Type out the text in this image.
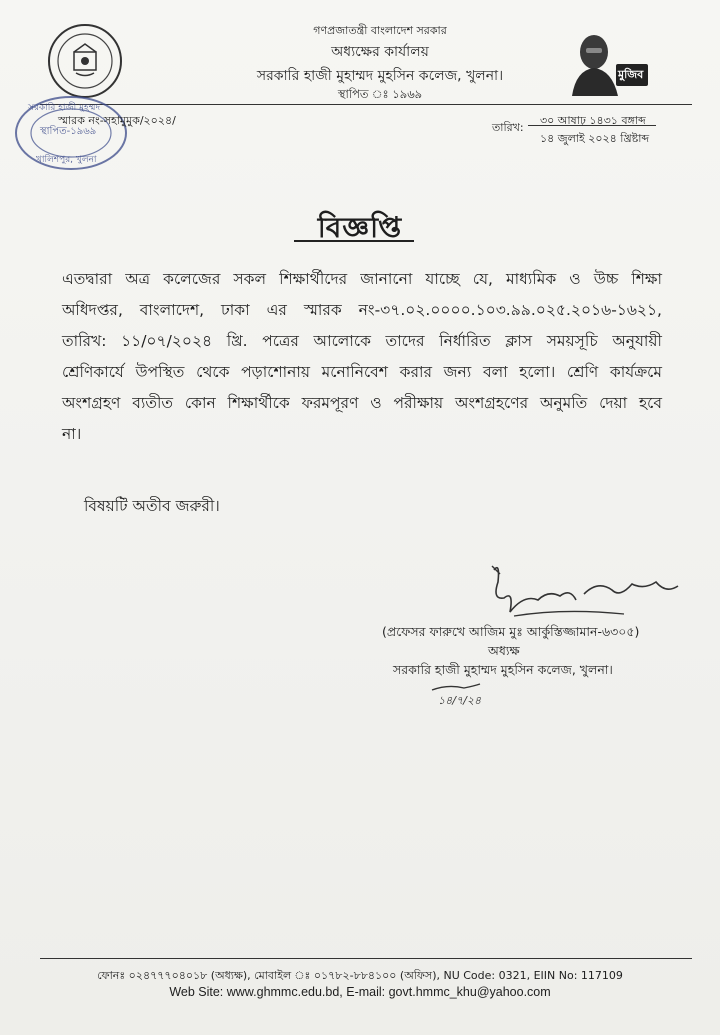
গণপ্রজাতন্ত্রী বাংলাদেশ সরকার
অধ্যক্ষের কার্যালয়
সরকারি হাজী মুহাম্মদ মুহসিন কলেজ, খুলনা।
স্থাপিত ঃ ১৯৬৯
মুজিব
সরকারি হাজী মুহম্মদ
স্থাপিত-১৯৬৯
খালিশপুর, খুলনা
স্মারক নং-সহামুমুক/২০২৪/
তারিখ:
৩০ আষাঢ় ১৪৩১ বঙ্গাব্দ
১৪ জুলাই ২০২৪ খ্রিষ্টাব্দ
বিজ্ঞপ্তি
এতদ্বারা অত্র কলেজের সকল শিক্ষার্থীদের জানানো যাচ্ছে যে, মাধ্যমিক ও উচ্চ শিক্ষা
অধিদপ্তর, বাংলাদেশ, ঢাকা এর স্মারক নং-৩৭.০২.০০০০.১০৩.৯৯.০২৫.২০১৬-১৬২১,
তারিখ: ১১/০৭/২০২৪ খ্রি. পত্রের আলোকে তাদের নির্ধারিত ক্লাস সময়সূচি অনুযায়ী
শ্রেণিকার্যে উপস্থিত থেকে পড়াশোনায় মনোনিবেশ করার জন্য বলা হলো। শ্রেণি কার্যক্রমে
অংশগ্রহণ ব্যতীত কোন শিক্ষার্থীকে ফরমপূরণ ও পরীক্ষায় অংশগ্রহণের অনুমতি দেয়া হবে
না।
বিষয়টি অতীব জরুরী।
(প্রফেসর ফারুখে আজিম মুঃ আর্কুস্তিজ্জামান-৬৩০৫)
অধ্যক্ষ
সরকারি হাজী মুহাম্মদ মুহসিন কলেজ, খুলনা।
১৪/৭/২৪
ফোনঃ ০২৪৭৭৭০৪০১৮ (অধ্যক্ষ), মোবাইল ঃ ০১৭৮২-৮৮৪১০০ (অফিস), NU Code: 0321, EIIN No: 117109
Web Site: www.ghmmc.edu.bd, E-mail: govt.hmmc_khu@yahoo.com
